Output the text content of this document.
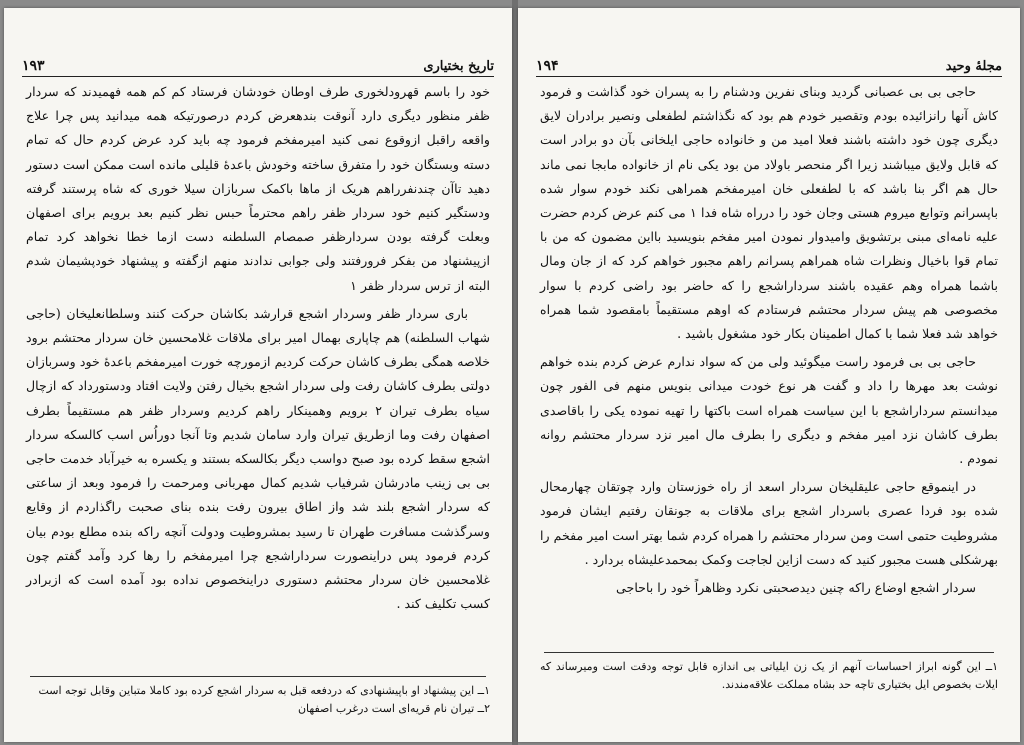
تاریخ بختیاری
۱۹۳

خود را باسم قهرودلخوری طرف اوطان خودشان فرستاد کم کم همه فهمیدند که سردار ظفر منظور دیگری دارد آنوقت بندهعرض کردم درصورتیکه همه میدانید پس چرا علاج واقعه راقبل ازوقوع نمی کنید امیرمفخم فرمود چه باید کرد عرض کردم حال که تمام دسته وبستگان خود را متفرق ساخته وخودش باعدهٔ قلیلی مانده است ممکن است دستور دهید تاآن چندنفرراهم هریک از ماها باکمک سربازان سیلا خوری که شاه پرستند گرفته ودستگیر کنیم خود سردار ظفر راهم محترماً حبس نظر کنیم بعد برویم برای اصفهان وبعلت گرفته بودن سردارظفر صمصام السلطنه دست ازما خطا نخواهد کرد تمام ازپیشنهاد من بفکر فرورفتند ولی جوابی ندادند منهم ازگفته و پیشنهاد خودپشیمان شدم البته از ترس سردار ظفر ۱

باری سردار ظفر وسردار اشجع قرارشد بکاشان حرکت کنند وسلطانعلیخان (حاجی شهاب السلطنه) هم چاپاری بهمال امیر برای ملاقات غلامحسین خان سردار محتشم برود خلاصه همگی بطرف کاشان حرکت کردیم ازمورچه خورت امیرمفخم باعدهٔ خود وسربازان دولتی بطرف کاشان رفت ولی سردار اشجع بخیال رفتن ولایت افتاد ودستورداد که ازچال سیاه بطرف تیران ۲ برویم وهمینکار راهم کردیم وسردار ظفر هم مستقیماً بطرف اصفهان رفت وما ازطریق تیران وارد سامان شدیم وتا آنجا دوراُس اسب کالسکه سردار اشجع سقط کرده بود صبح دواسب دیگر بکالسکه بستند و یکسره به خیرآباد خدمت حاجی بی بی زینب مادرشان شرفیاب شدیم کمال مهربانی ومرحمت را فرمود وبعد از ساعتی که سردار اشجع بلند شد واز اطاق بیرون رفت بنده بنای صحبت راگذاردم از وقایع وسرگذشت مسافرت طهران تا رسید بمشروطیت ودولت آنچه راکه بنده مطلع بودم بیان کردم فرمود پس دراینصورت سرداراشجع چرا امیرمفخم را رها کرد وآمد گفتم چون غلامحسین خان سردار محتشم دستوری دراینخصوص نداده بود آمده است که ازبرادر کسب تکلیف کند .

۱ــ این پیشنهاد او باپیشنهادی که دردفعه قبل به سردار اشجع کرده بود کاملا متباین وقابل توجه است

۲ــ تیران نام قریه‌ای است درغرب اصفهان

مجلهٔ وحید
۱۹۴

حاجی بی بی عصبانی گردید وبنای نفرین ودشنام را به پسران خود گذاشت و فرمود کاش آنها رانزائیده بودم وتقصیر خودم هم بود که نگذاشتم لطفعلی ونصیر برادران لایق دیگری چون خود داشته باشند فعلا امید من و خانواده حاجی ایلخانی بآن دو برادر است که قابل ولایق میباشند زیرا اگر منحصر باولاد من بود یکی نام از خانواده مابجا نمی ماند حال هم اگر بنا باشد که با لطفعلی خان امیرمفخم همراهی نکند خودم سوار شده باپسرانم وتوابع میروم هستی وجان خود را درراه شاه فدا ۱ می کنم عرض کردم حضرت علیه نامه‌ای مبنی برتشویق وامیدوار نمودن امیر مفخم بنویسید بااین مضمون که من با تمام قوا باخیال ونظرات شاه همراهم پسرانم راهم مجبور خواهم کرد که از جان ومال باشما همراه وهم عقیده باشند سرداراشجع را که حاضر بود راضی کردم با سوار مخصوصی هم پیش سردار محتشم فرستادم که اوهم مستقیماً بامقصود شما همراه خواهد شد فعلا شما با کمال اطمینان بکار خود مشغول باشید .

حاجی بی بی فرمود راست میگوئید ولی من که سواد ندارم عرض کردم بنده خواهم نوشت بعد مهرها را داد و گفت هر نوع خودت میدانی بنویس منهم فی الفور چون میدانستم سرداراشجع با این سیاست همراه است باکتها را تهیه نموده یکی را باقاصدی بطرف کاشان نزد امیر مفخم و دیگری را بطرف مال امیر نزد سردار محتشم روانه نمودم .

در اینموقع حاجی علیقلیخان سردار اسعد از راه خوزستان وارد چوتقان چهارمحال شده بود فردا عصری باسردار اشجع برای ملاقات به جونقان رفتیم ایشان فرمود مشروطیت حتمی است ومن سردار محتشم را همراه کردم شما بهتر است امیر مفخم را بهرشکلی هست مجبور کنید که دست ازاین لجاجت وکمک بمحمدعلیشاه بردارد .

سردار اشجع اوضاع راکه چنین دیدصحبتی نکرد وظاهراً خود را باحاجی

۱ــ این گونه ابراز احساسات آنهم از یک زن ایلیاتی بی اندازه قابل توجه ودقت است ومیرساند که ایلات بخصوص ایل بختیاری تاچه حد بشاه مملکت علاقه‌مندند.
